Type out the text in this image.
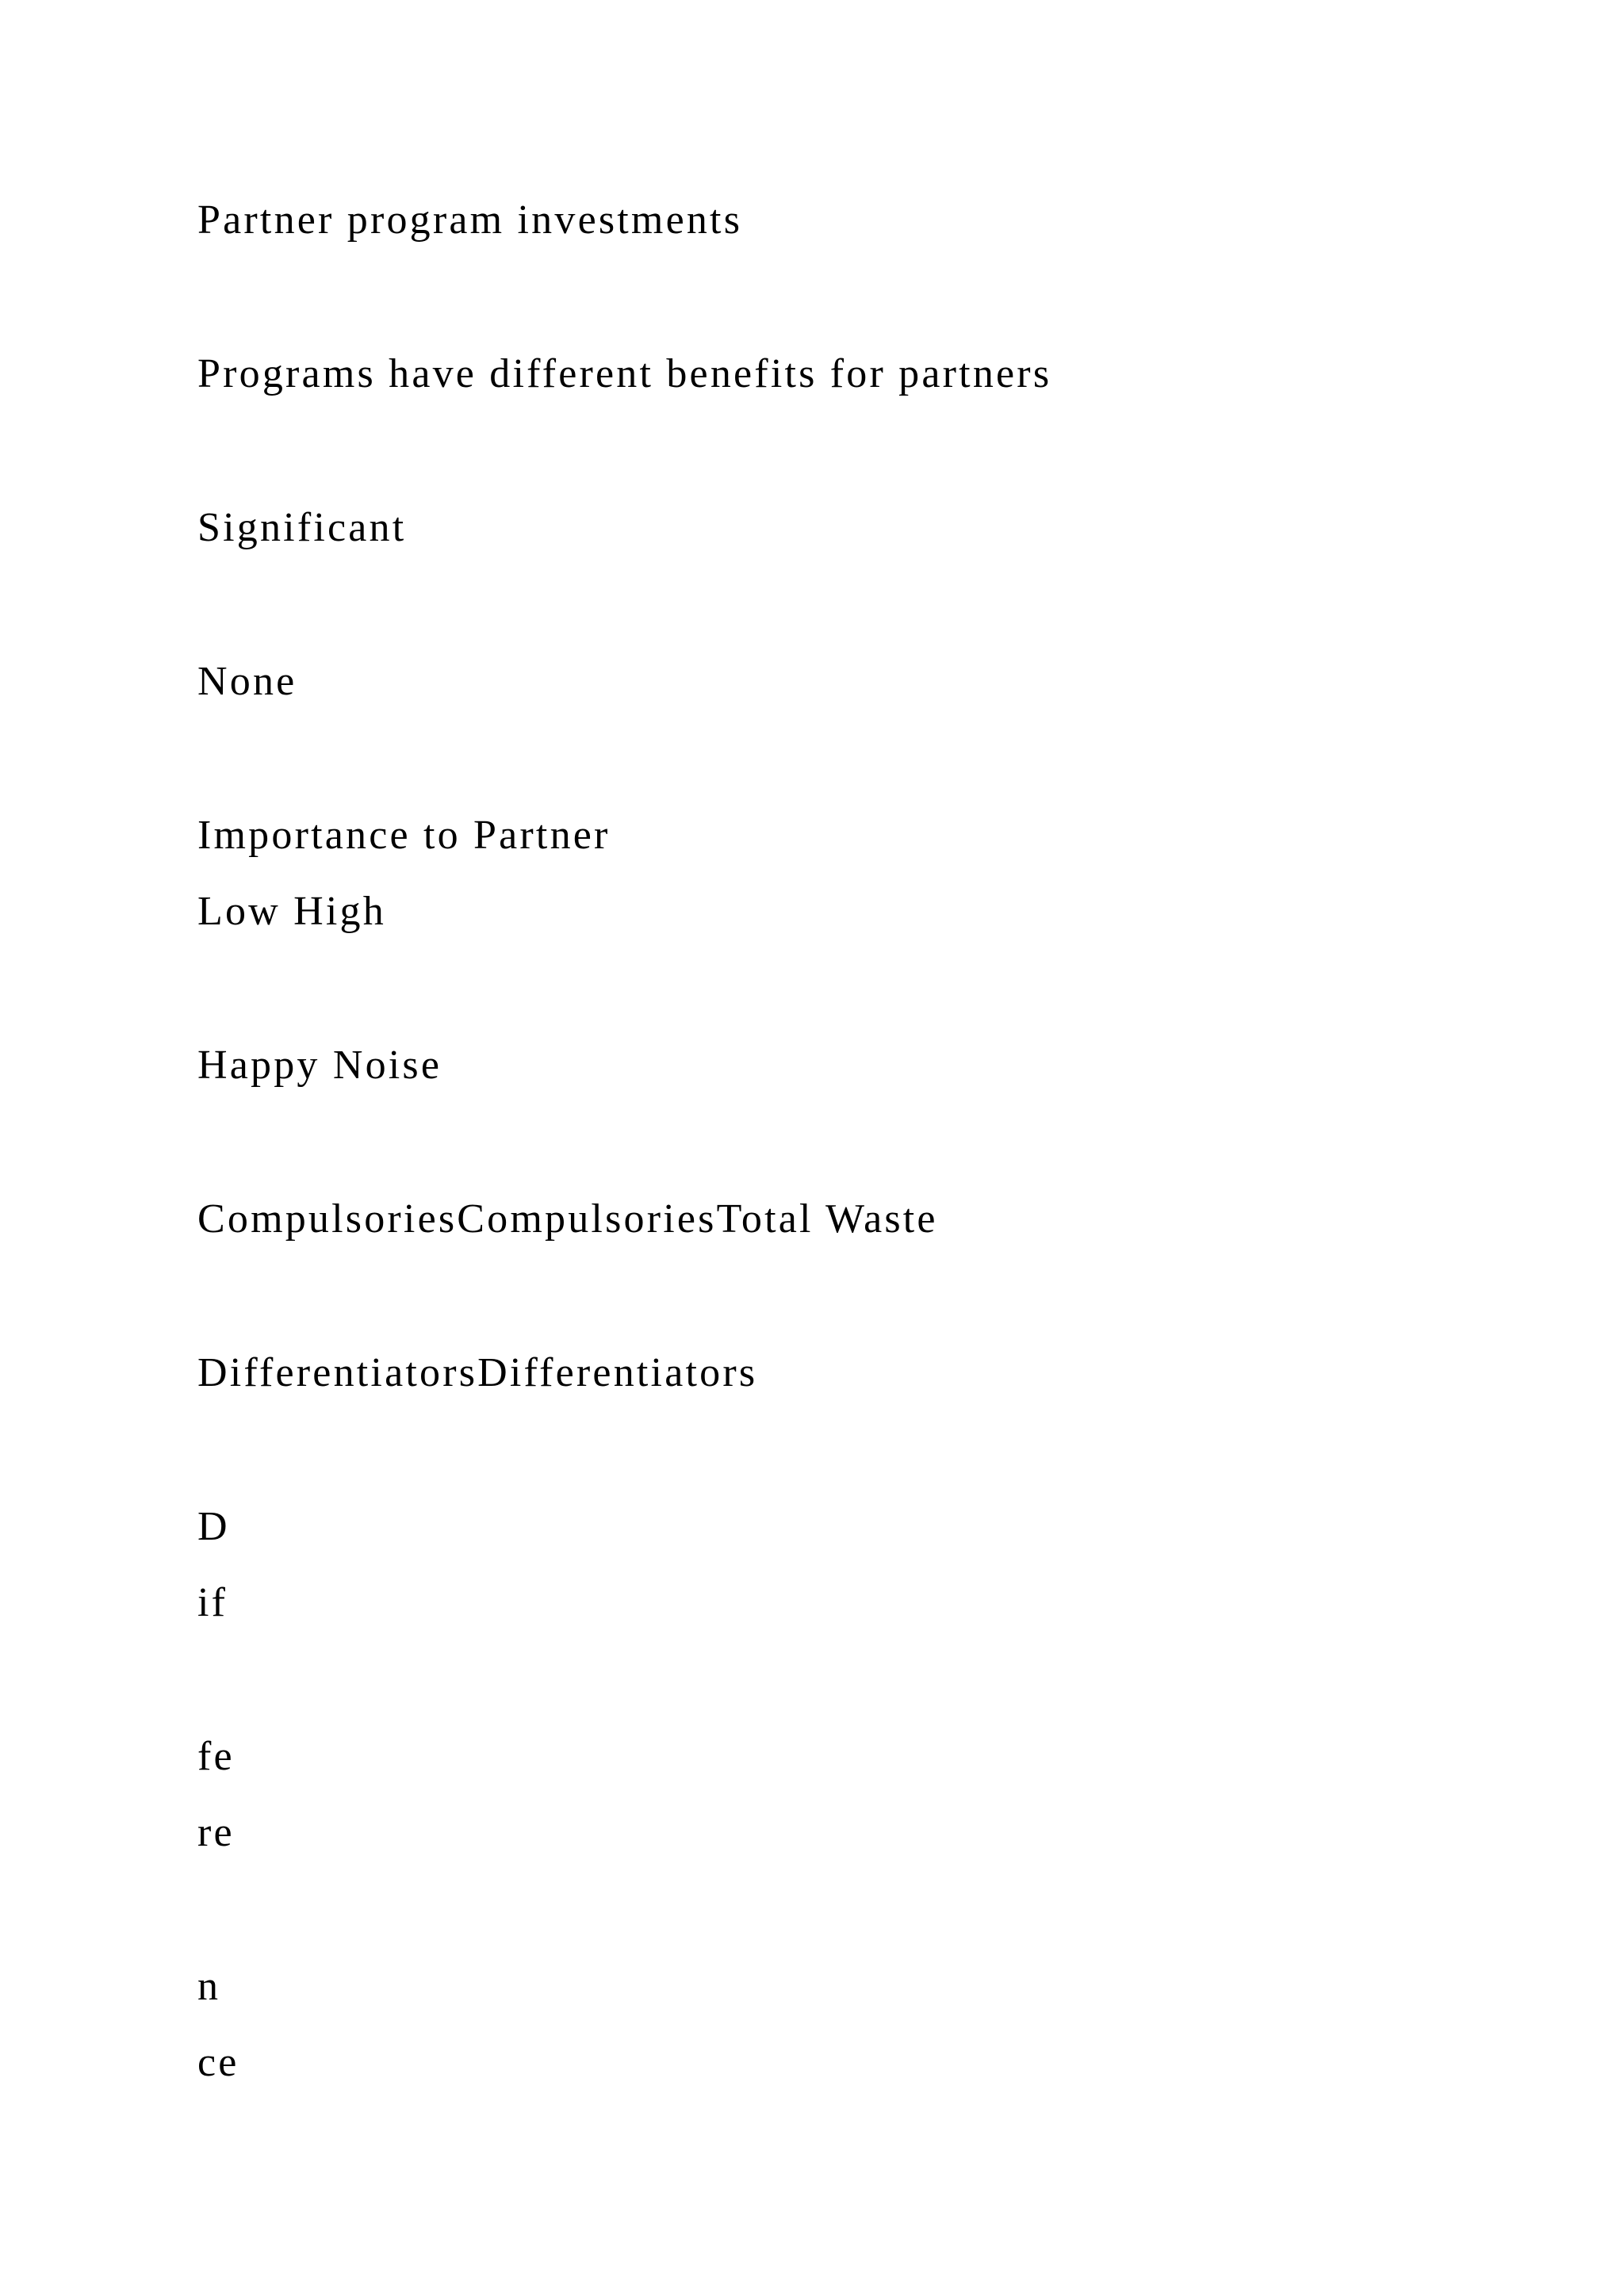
Partner program investments

Programs have different benefits for partners

Significant

None

Importance to Partner

Low High

Happy Noise

CompulsoriesCompulsoriesTotal Waste

DifferentiatorsDifferentiators

D

if

fe

re

n

ce
